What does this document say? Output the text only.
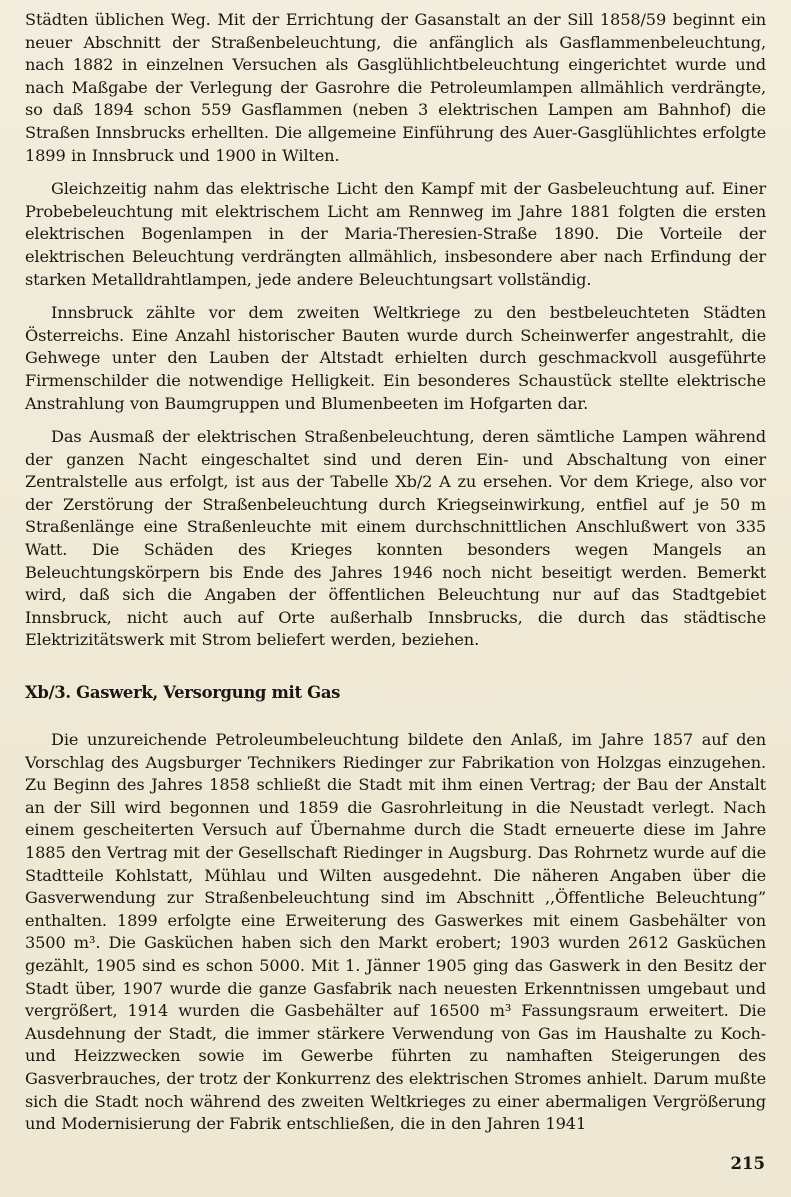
Städten üblichen Weg. Mit der Errichtung der Gasanstalt an der Sill 1858/59 beginnt ein neuer Abschnitt der Straßenbeleuchtung, die anfänglich als Gasflammenbeleuchtung, nach 1882 in einzelnen Versuchen als Gasglühlichtbeleuchtung eingerichtet wurde und nach Maßgabe der Verlegung der Gasrohre die Petroleumlampen allmählich verdrängte, so daß 1894 schon 559 Gasflammen (neben 3 elektrischen Lampen am Bahnhof) die Straßen Innsbrucks erhellten. Die allgemeine Einführung des Auer-Gasglühlichtes erfolgte 1899 in Innsbruck und 1900 in Wilten.

Gleichzeitig nahm das elektrische Licht den Kampf mit der Gasbeleuchtung auf. Einer Probebeleuchtung mit elektrischem Licht am Rennweg im Jahre 1881 folgten die ersten elektrischen Bogenlampen in der Maria-Theresien-Straße 1890. Die Vorteile der elektrischen Beleuchtung verdrängten allmählich, insbesondere aber nach Erfindung der starken Metalldrahtlampen, jede andere Beleuchtungsart vollständig.

Innsbruck zählte vor dem zweiten Weltkriege zu den bestbeleuchteten Städten Österreichs. Eine Anzahl historischer Bauten wurde durch Scheinwerfer angestrahlt, die Gehwege unter den Lauben der Altstadt erhielten durch geschmackvoll ausgeführte Firmenschilder die notwendige Helligkeit. Ein besonderes Schaustück stellte elektrische Anstrahlung von Baumgruppen und Blumenbeeten im Hofgarten dar.

Das Ausmaß der elektrischen Straßenbeleuchtung, deren sämtliche Lampen während der ganzen Nacht eingeschaltet sind und deren Ein- und Abschaltung von einer Zentralstelle aus erfolgt, ist aus der Tabelle Xb/2 A zu ersehen. Vor dem Kriege, also vor der Zerstörung der Straßenbeleuchtung durch Kriegseinwirkung, entfiel auf je 50 m Straßenlänge eine Straßenleuchte mit einem durchschnittlichen Anschlußwert von 335 Watt. Die Schäden des Krieges konnten besonders wegen Mangels an Beleuchtungskörpern bis Ende des Jahres 1946 noch nicht beseitigt werden. Bemerkt wird, daß sich die Angaben der öffentlichen Beleuchtung nur auf das Stadtgebiet Innsbruck, nicht auch auf Orte außerhalb Innsbrucks, die durch das städtische Elektrizitätswerk mit Strom beliefert werden, beziehen.

Xb/3. Gaswerk, Versorgung mit Gas

Die unzureichende Petroleumbeleuchtung bildete den Anlaß, im Jahre 1857 auf den Vorschlag des Augsburger Technikers Riedinger zur Fabrikation von Holzgas einzugehen. Zu Beginn des Jahres 1858 schließt die Stadt mit ihm einen Vertrag; der Bau der Anstalt an der Sill wird begonnen und 1859 die Gasrohrleitung in die Neustadt verlegt. Nach einem gescheiterten Versuch auf Übernahme durch die Stadt erneuerte diese im Jahre 1885 den Vertrag mit der Gesellschaft Riedinger in Augsburg. Das Rohrnetz wurde auf die Stadtteile Kohlstatt, Mühlau und Wilten ausgedehnt. Die näheren Angaben über die Gasverwendung zur Straßenbeleuchtung sind im Abschnitt ,,Öffentliche Beleuchtung” enthalten. 1899 erfolgte eine Erweiterung des Gaswerkes mit einem Gasbehälter von 3500 m³. Die Gasküchen haben sich den Markt erobert; 1903 wurden 2612 Gasküchen gezählt, 1905 sind es schon 5000. Mit 1. Jänner 1905 ging das Gaswerk in den Besitz der Stadt über, 1907 wurde die ganze Gasfabrik nach neuesten Erkenntnissen umgebaut und vergrößert, 1914 wurden die Gasbehälter auf 16500 m³ Fassungsraum erweitert. Die Ausdehnung der Stadt, die immer stärkere Verwendung von Gas im Haushalte zu Koch- und Heizzwecken sowie im Gewerbe führten zu namhaften Steigerungen des Gasverbrauches, der trotz der Konkurrenz des elektrischen Stromes anhielt. Darum mußte sich die Stadt noch während des zweiten Weltkrieges zu einer abermaligen Vergrößerung und Modernisierung der Fabrik entschließen, die in den Jahren 1941

215
